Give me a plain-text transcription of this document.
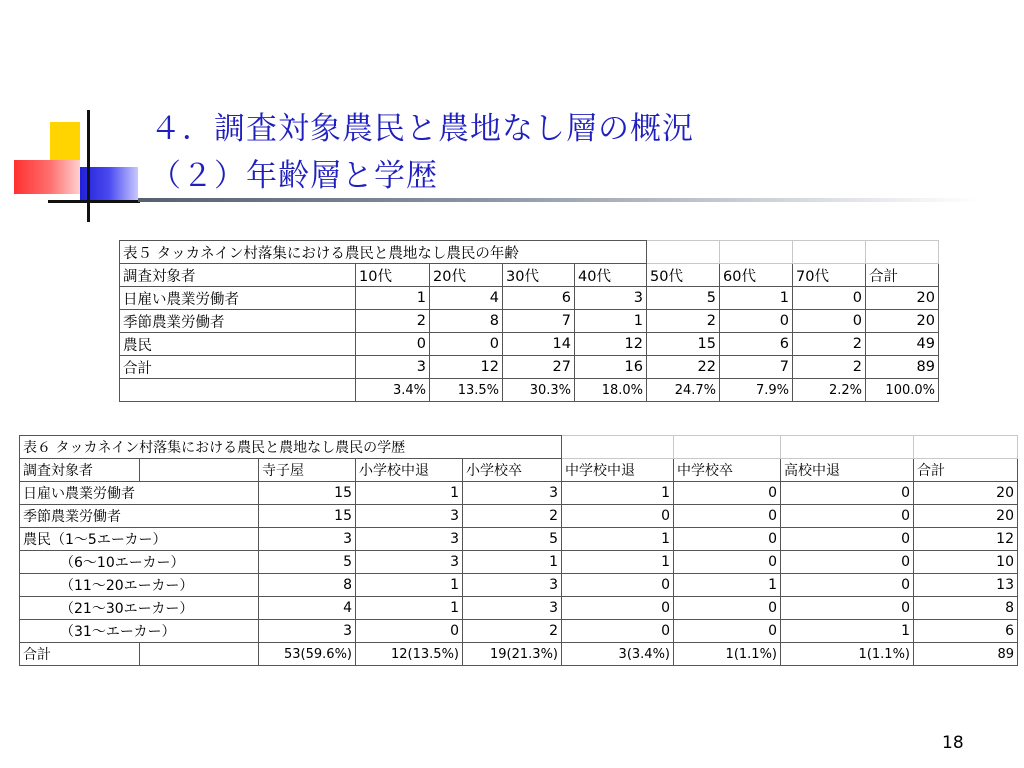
４．調査対象農民と農地なし層の概況
（２）年齢層と学歴
表５ タッカネイン村落集における農民と農地なし農民の年齢								
調査対象者	10代	20代	30代	40代	50代	60代	70代	合計
日雇い農業労働者	1	4	6	3	5	1	0	20
季節農業労働者	2	8	7	1	2	0	0	20
農民	0	0	14	12	15	6	2	49
合計	3	12	27	16	22	7	2	89
	3.4%	13.5%	30.3%	18.0%	24.7%	7.9%	2.2%	100.0%
表６ タッカネイン村落集における農民と農地なし農民の学歴								
調査対象者		寺子屋	小学校中退	小学校卒	中学校中退	中学校卒	高校中退	合計
日雇い農業労働者		15	1	3	1	0	0	20
季節農業労働者		15	3	2	0	0	0	20
農民（1～5エーカー）		3	3	5	1	0	0	12
（6～10エーカー）		5	3	1	1	0	0	10
（11～20エーカー）		8	1	3	0	1	0	13
（21～30エーカー）		4	1	3	0	0	0	8
（31～エーカー）		3	0	2	0	0	1	6
合計		53(59.6%)	12(13.5%)	19(21.3%)	3(3.4%)	1(1.1%)	1(1.1%)	89
18
